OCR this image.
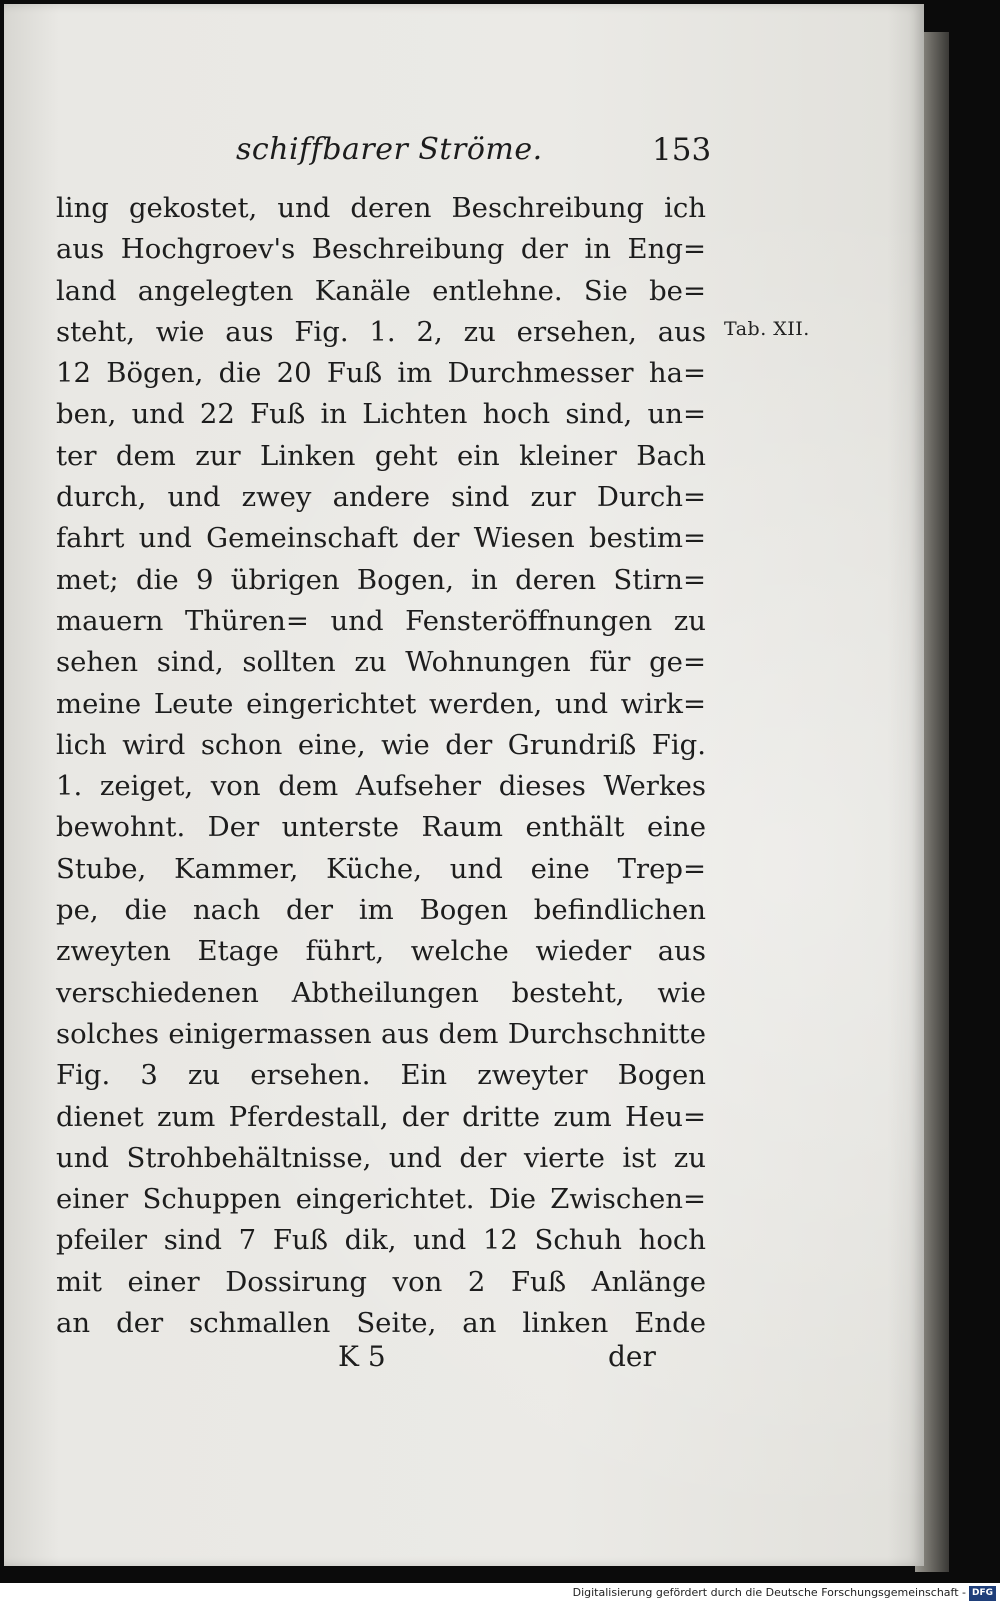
schiffbarer Ströme.	153
ling gekostet, und deren Beschreibung ich
aus Hochgroev's Beschreibung der in Eng=
land angelegten Kanäle entlehne. Sie be=
steht, wie aus Fig. 1. 2, zu ersehen, aus
12 Bögen, die 20 Fuß im Durchmesser ha=
ben, und 22 Fuß in Lichten hoch sind, un=
ter dem zur Linken geht ein kleiner Bach
durch, und zwey andere sind zur Durch=
fahrt und Gemeinschaft der Wiesen bestim=
met; die 9 übrigen Bogen, in deren Stirn=
mauern Thüren= und Fensteröffnungen zu
sehen sind, sollten zu Wohnungen für ge=
meine Leute eingerichtet werden, und wirk=
lich wird schon eine, wie der Grundriß Fig.
1. zeiget, von dem Aufseher dieses Werkes
bewohnt. Der unterste Raum enthält eine
Stube, Kammer, Küche, und eine Trep=
pe, die nach der im Bogen befindlichen
zweyten Etage führt, welche wieder aus
verschiedenen Abtheilungen besteht, wie
solches einigermassen aus dem Durchschnitte
Fig. 3 zu ersehen. Ein zweyter Bogen
dienet zum Pferdestall, der dritte zum Heu=
und Strohbehältnisse, und der vierte ist zu
einer Schuppen eingerichtet. Die Zwischen=
pfeiler sind 7 Fuß dik, und 12 Schuh hoch
mit einer Dossirung von 2 Fuß Anlänge
an der schmallen Seite, an linken Ende
Tab. XII.
K 5	der
Digitalisierung gefördert durch die Deutsche Forschungsgemeinschaft - DFG
